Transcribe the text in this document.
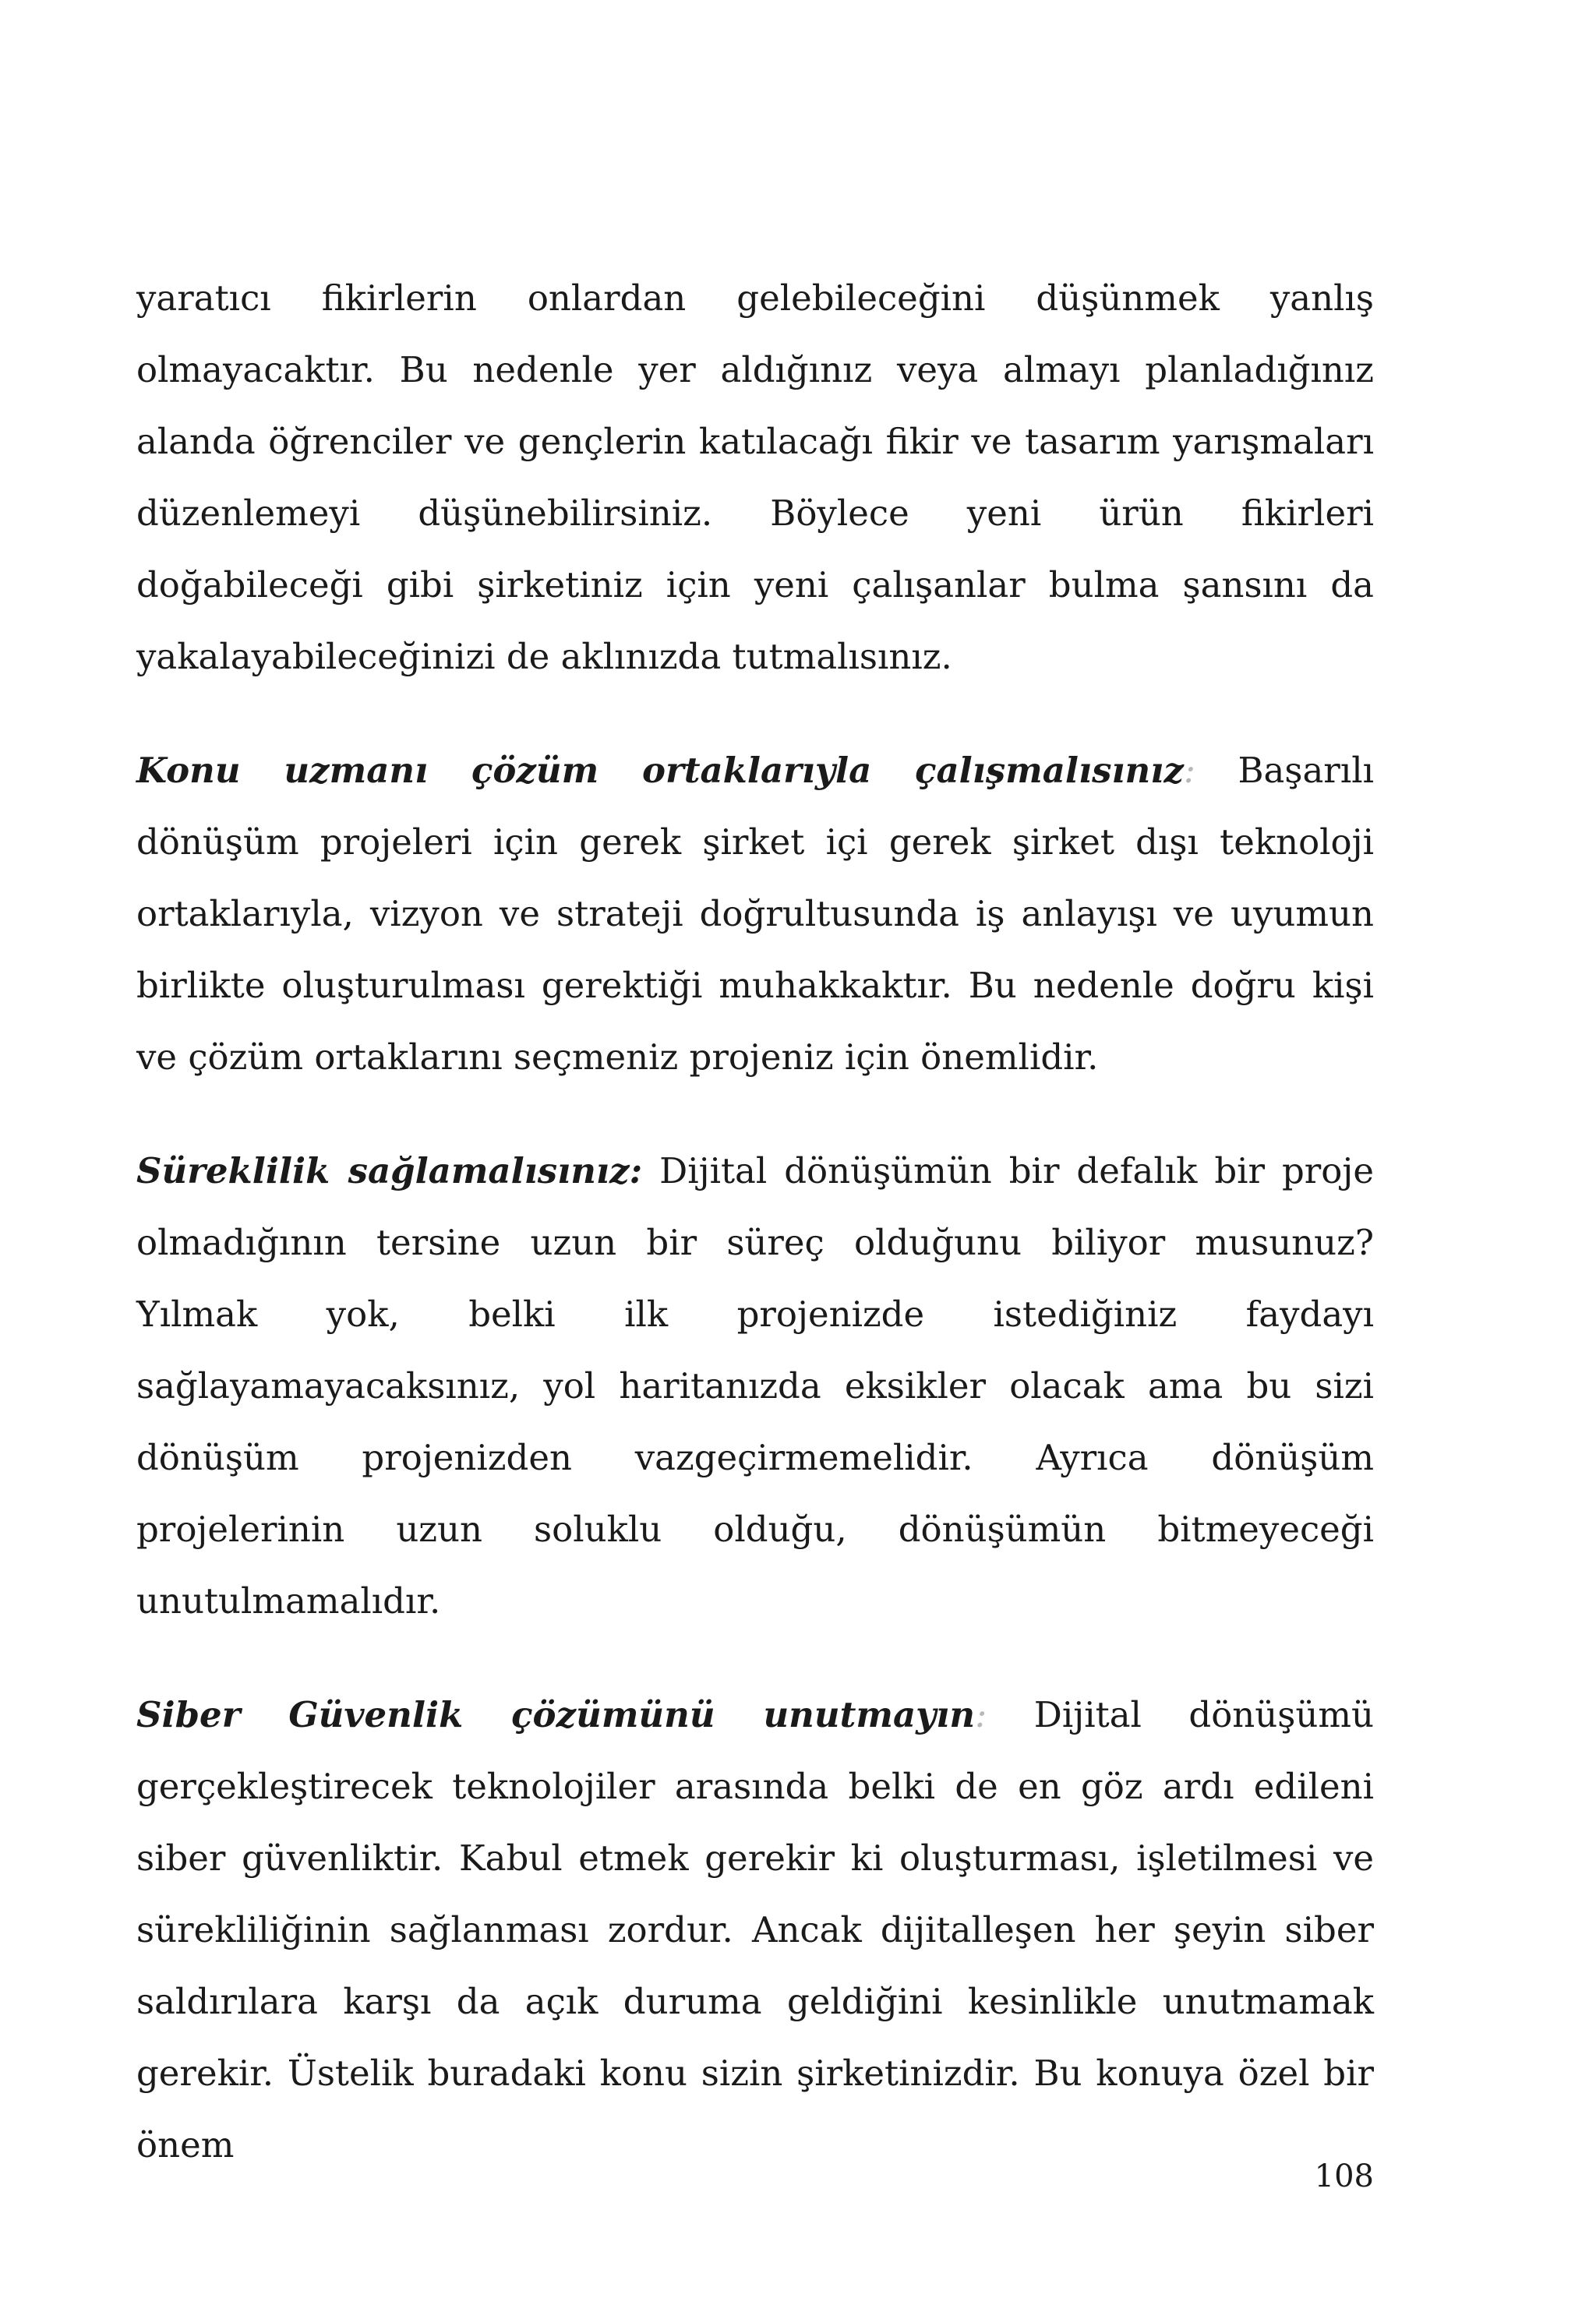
yaratıcı fikirlerin onlardan gelebileceğini düşünmek yanlış olmayacaktır. Bu nedenle yer aldığınız veya almayı planladığınız alanda öğrenciler ve gençlerin katılacağı fikir ve tasarım yarışmaları düzenlemeyi düşünebilirsiniz. Böylece yeni ürün fikirleri doğabileceği gibi şirketiniz için yeni çalışanlar bulma şansını da yakalayabileceğinizi de aklınızda tutmalısınız.

Konu uzmanı çözüm ortaklarıyla çalışmalısınız: Başarılı dönüşüm projeleri için gerek şirket içi gerek şirket dışı teknoloji ortaklarıyla, vizyon ve strateji doğrultusunda iş anlayışı ve uyumun birlikte oluşturulması gerektiği muhakkaktır. Bu nedenle doğru kişi ve çözüm ortaklarını seçmeniz projeniz için önemlidir.

Süreklilik sağlamalısınız: Dijital dönüşümün bir defalık bir proje olmadığının tersine uzun bir süreç olduğunu biliyor musunuz? Yılmak yok, belki ilk projenizde istediğiniz faydayı sağlayamayacaksınız, yol haritanızda eksikler olacak ama bu sizi dönüşüm projenizden vazgeçirmemelidir. Ayrıca dönüşüm projelerinin uzun soluklu olduğu, dönüşümün bitmeyeceği unutulmamalıdır.

Siber Güvenlik çözümünü unutmayın: Dijital dönüşümü gerçekleştirecek teknolojiler arasında belki de en göz ardı edileni siber güvenliktir. Kabul etmek gerekir ki oluşturması, işletilmesi ve sürekliliğinin sağlanması zordur. Ancak dijitalleşen her şeyin siber saldırılara karşı da açık duruma geldiğini kesinlikle unutmamak gerekir. Üstelik buradaki konu sizin şirketinizdir. Bu konuya özel bir önem

108
